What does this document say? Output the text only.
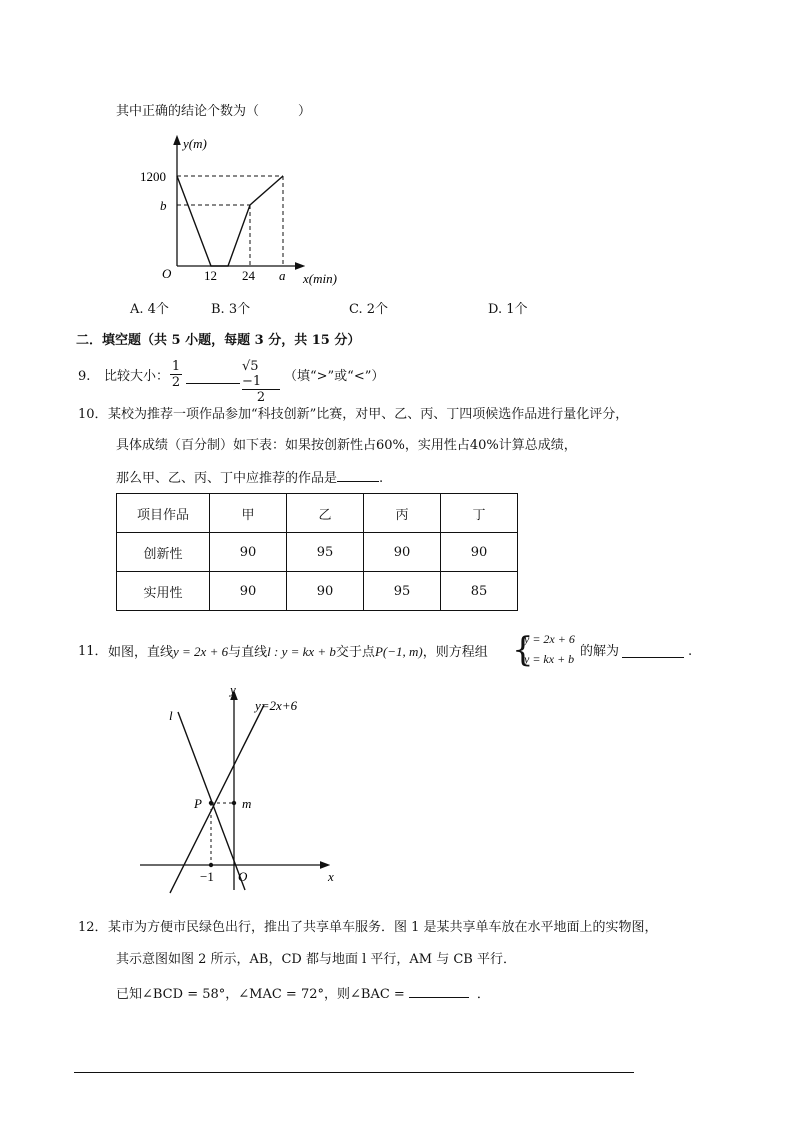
其中正确的结论个数为（　　　）
y(m)
1200
b
O	12 24 a x(min)
A. 4个	B. 3个	C. 2个	D. 1个
二．填空题（共 5 小题，每题 3 分，共 15 分）
9. 比较大小：
1
2
√5 −1
2
（填“>”或“<”）
10． 某校为推荐一项作品参加“科技创新”比赛，对甲、乙、丙、丁四项候选作品进行量化评分，
具体成绩（百分制）如下表：如果按创新性占60%，实用性占40%计算总成绩，
那么甲、乙、丙、丁中应推荐的作品是	.
项目作品	甲	乙	丙	丁
创新性	90	95	90	90
实用性	90	90	95	85
11． 如图，直线y = 2x + 6与直线l : y = kx + b交于点P(−1, m)，则方程组 {
y = 2x + 6
y = kx + b 的解为	.
y
y=2x+6
l
P	m
−1 O	x
12． 某市为方便市民绿色出行，推出了共享单车服务．图 1 是某共享单车放在水平地面上的实物图，
其示意图如图 2 所示，AB，CD 都与地面 l 平行，AM 与 CB 平行．
已知∠BCD = 58°，∠MAC = 72°，则∠BAC =	．
